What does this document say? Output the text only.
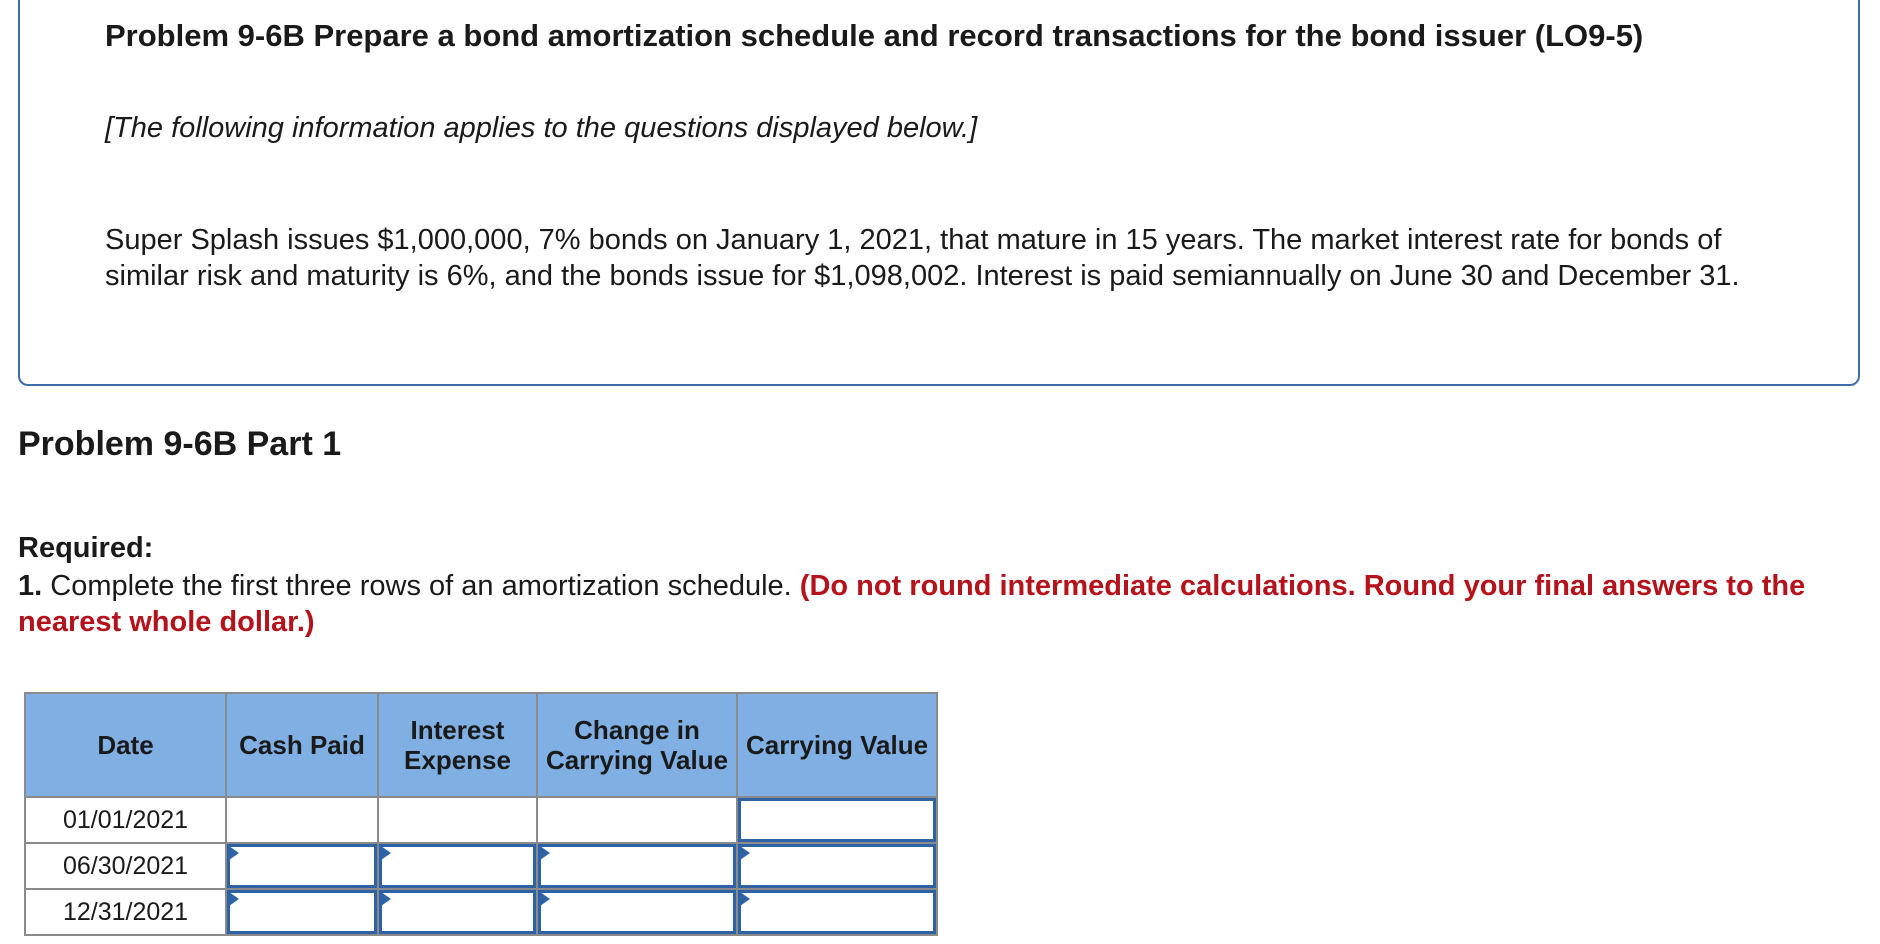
Problem 9-6B Prepare a bond amortization schedule and record transactions for the bond issuer (LO9-5)

[The following information applies to the questions displayed below.]

Super Splash issues $1,000,000, 7% bonds on January 1, 2021, that mature in 15 years. The market interest rate for bonds of similar risk and maturity is 6%, and the bonds issue for $1,098,002. Interest is paid semiannually on June 30 and December 31.

Problem 9-6B Part 1

Required:

1. Complete the first three rows of an amortization schedule. (Do not round intermediate calculations. Round your final answers to the nearest whole dollar.)

Date	Cash Paid	Interest Expense	Change in Carrying Value	Carrying Value
01/01/2021				

06/30/2021	

12/31/2021	
